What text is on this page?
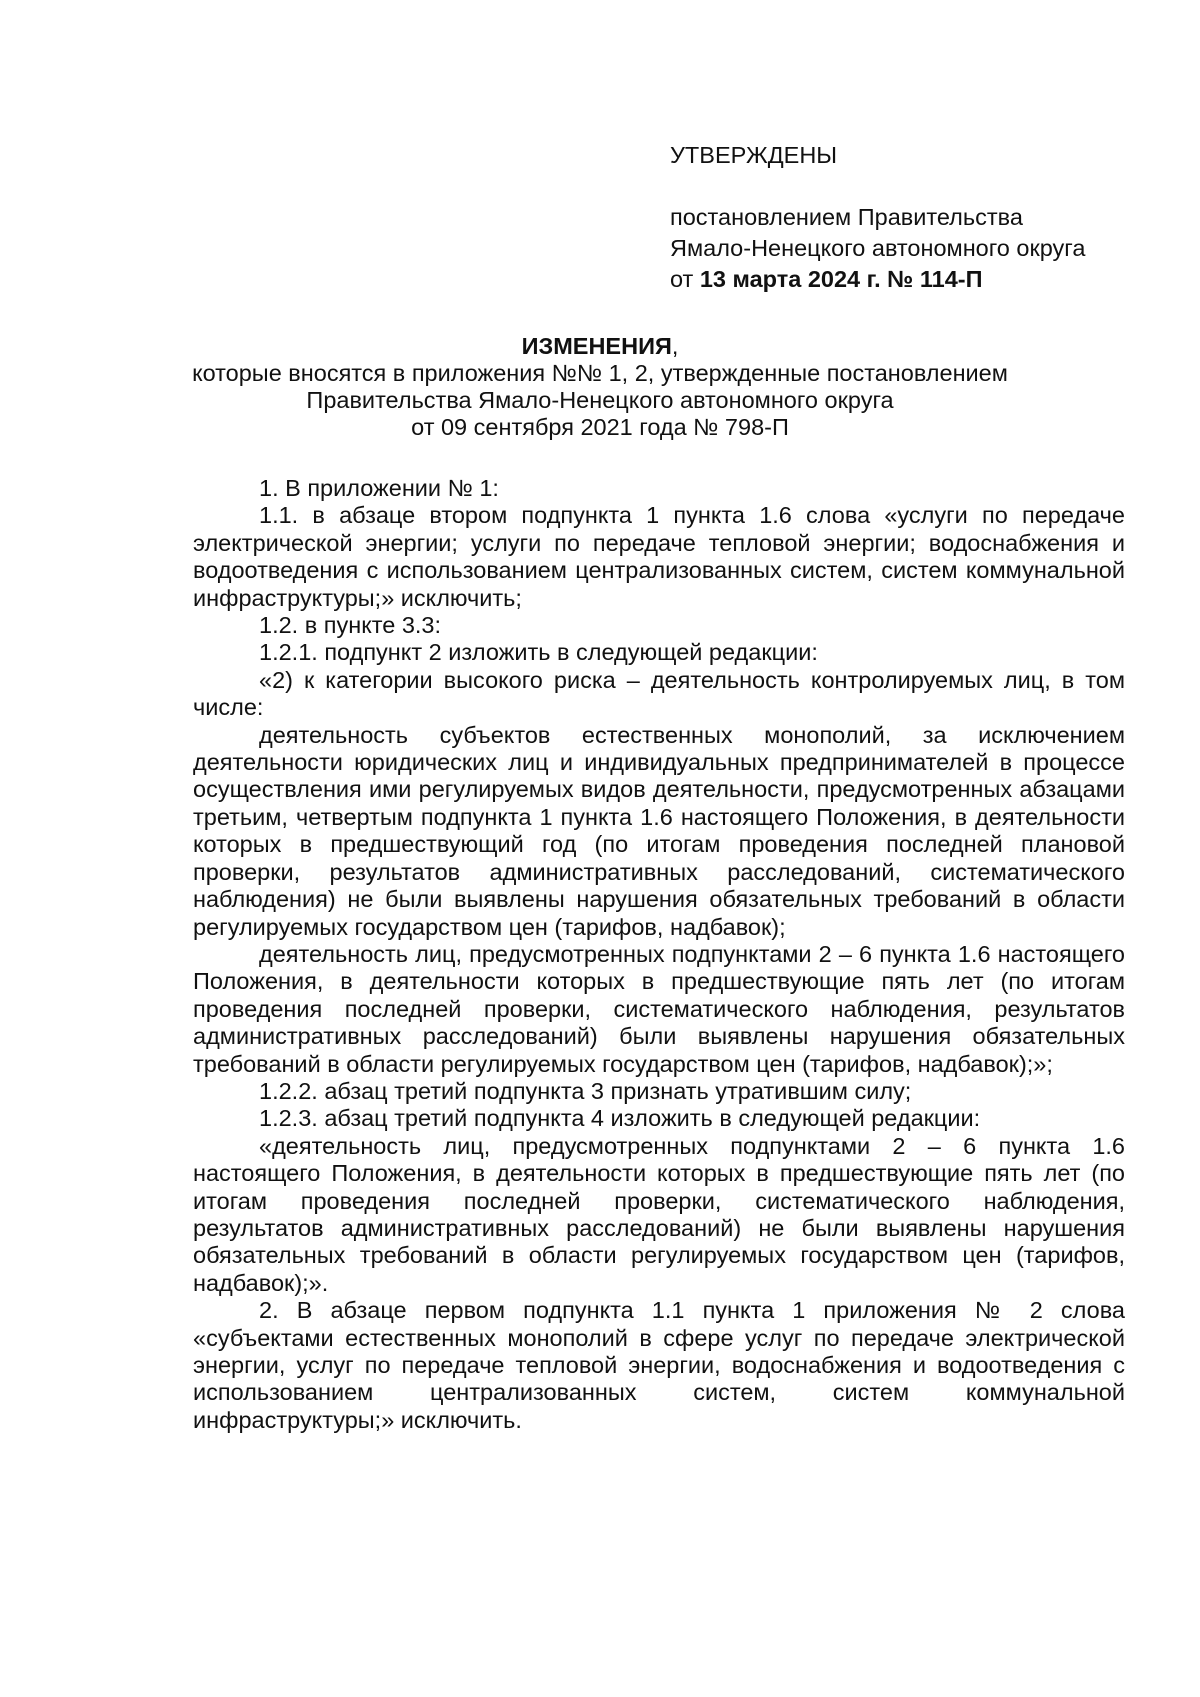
УТВЕРЖДЕНЫ
постановлением Правительства
Ямало-Ненецкого автономного округа
от 13 марта 2024 г. № 114-П
ИЗМЕНЕНИЯ,
которые вносятся в приложения №№ 1, 2, утвержденные постановлением
Правительства Ямало-Ненецкого автономного округа
от 09 сентября 2021 года № 798-П

1. В приложении № 1:

1.1. в абзаце втором подпункта 1 пункта 1.6 слова «услуги по передаче электрической энергии; услуги по передаче тепловой энергии; водоснабжения и водоотведения с использованием централизованных систем, систем коммунальной инфраструктуры;» исключить;

1.2. в пункте 3.3:

1.2.1. подпункт 2 изложить в следующей редакции:

«2) к категории высокого риска – деятельность контролируемых лиц, в том числе:

деятельность субъектов естественных монополий, за исключением деятельности юридических лиц и индивидуальных предпринимателей в процессе осуществления ими регулируемых видов деятельности, предусмотренных абзацами третьим, четвертым подпункта 1 пункта 1.6 настоящего Положения, в деятельности которых в предшествующий год (по итогам проведения последней плановой проверки, результатов административных расследований, систематического наблюдения) не были выявлены нарушения обязательных требований в области регулируемых государством цен (тарифов, надбавок);

деятельность лиц, предусмотренных подпунктами 2 – 6 пункта 1.6 настоящего Положения, в деятельности которых в предшествующие пять лет (по итогам проведения последней проверки, систематического наблюдения, результатов административных расследований) были выявлены нарушения обязательных требований в области регулируемых государством цен (тарифов, надбавок);»;

1.2.2. абзац третий подпункта 3 признать утратившим силу;

1.2.3. абзац третий подпункта 4 изложить в следующей редакции:

«деятельность лиц, предусмотренных подпунктами 2 – 6 пункта 1.6 настоящего Положения, в деятельности которых в предшествующие пять лет (по итогам проведения последней проверки, систематического наблюдения, результатов административных расследований) не были выявлены нарушения обязательных требований в области регулируемых государством цен (тарифов, надбавок);».

2. В абзаце первом подпункта 1.1 пункта 1 приложения № 2 слова «субъектами естественных монополий в сфере услуг по передаче электрической энергии, услуг по передаче тепловой энергии, водоснабжения и водоотведения с использованием централизованных систем, систем коммунальной инфраструктуры;» исключить.
